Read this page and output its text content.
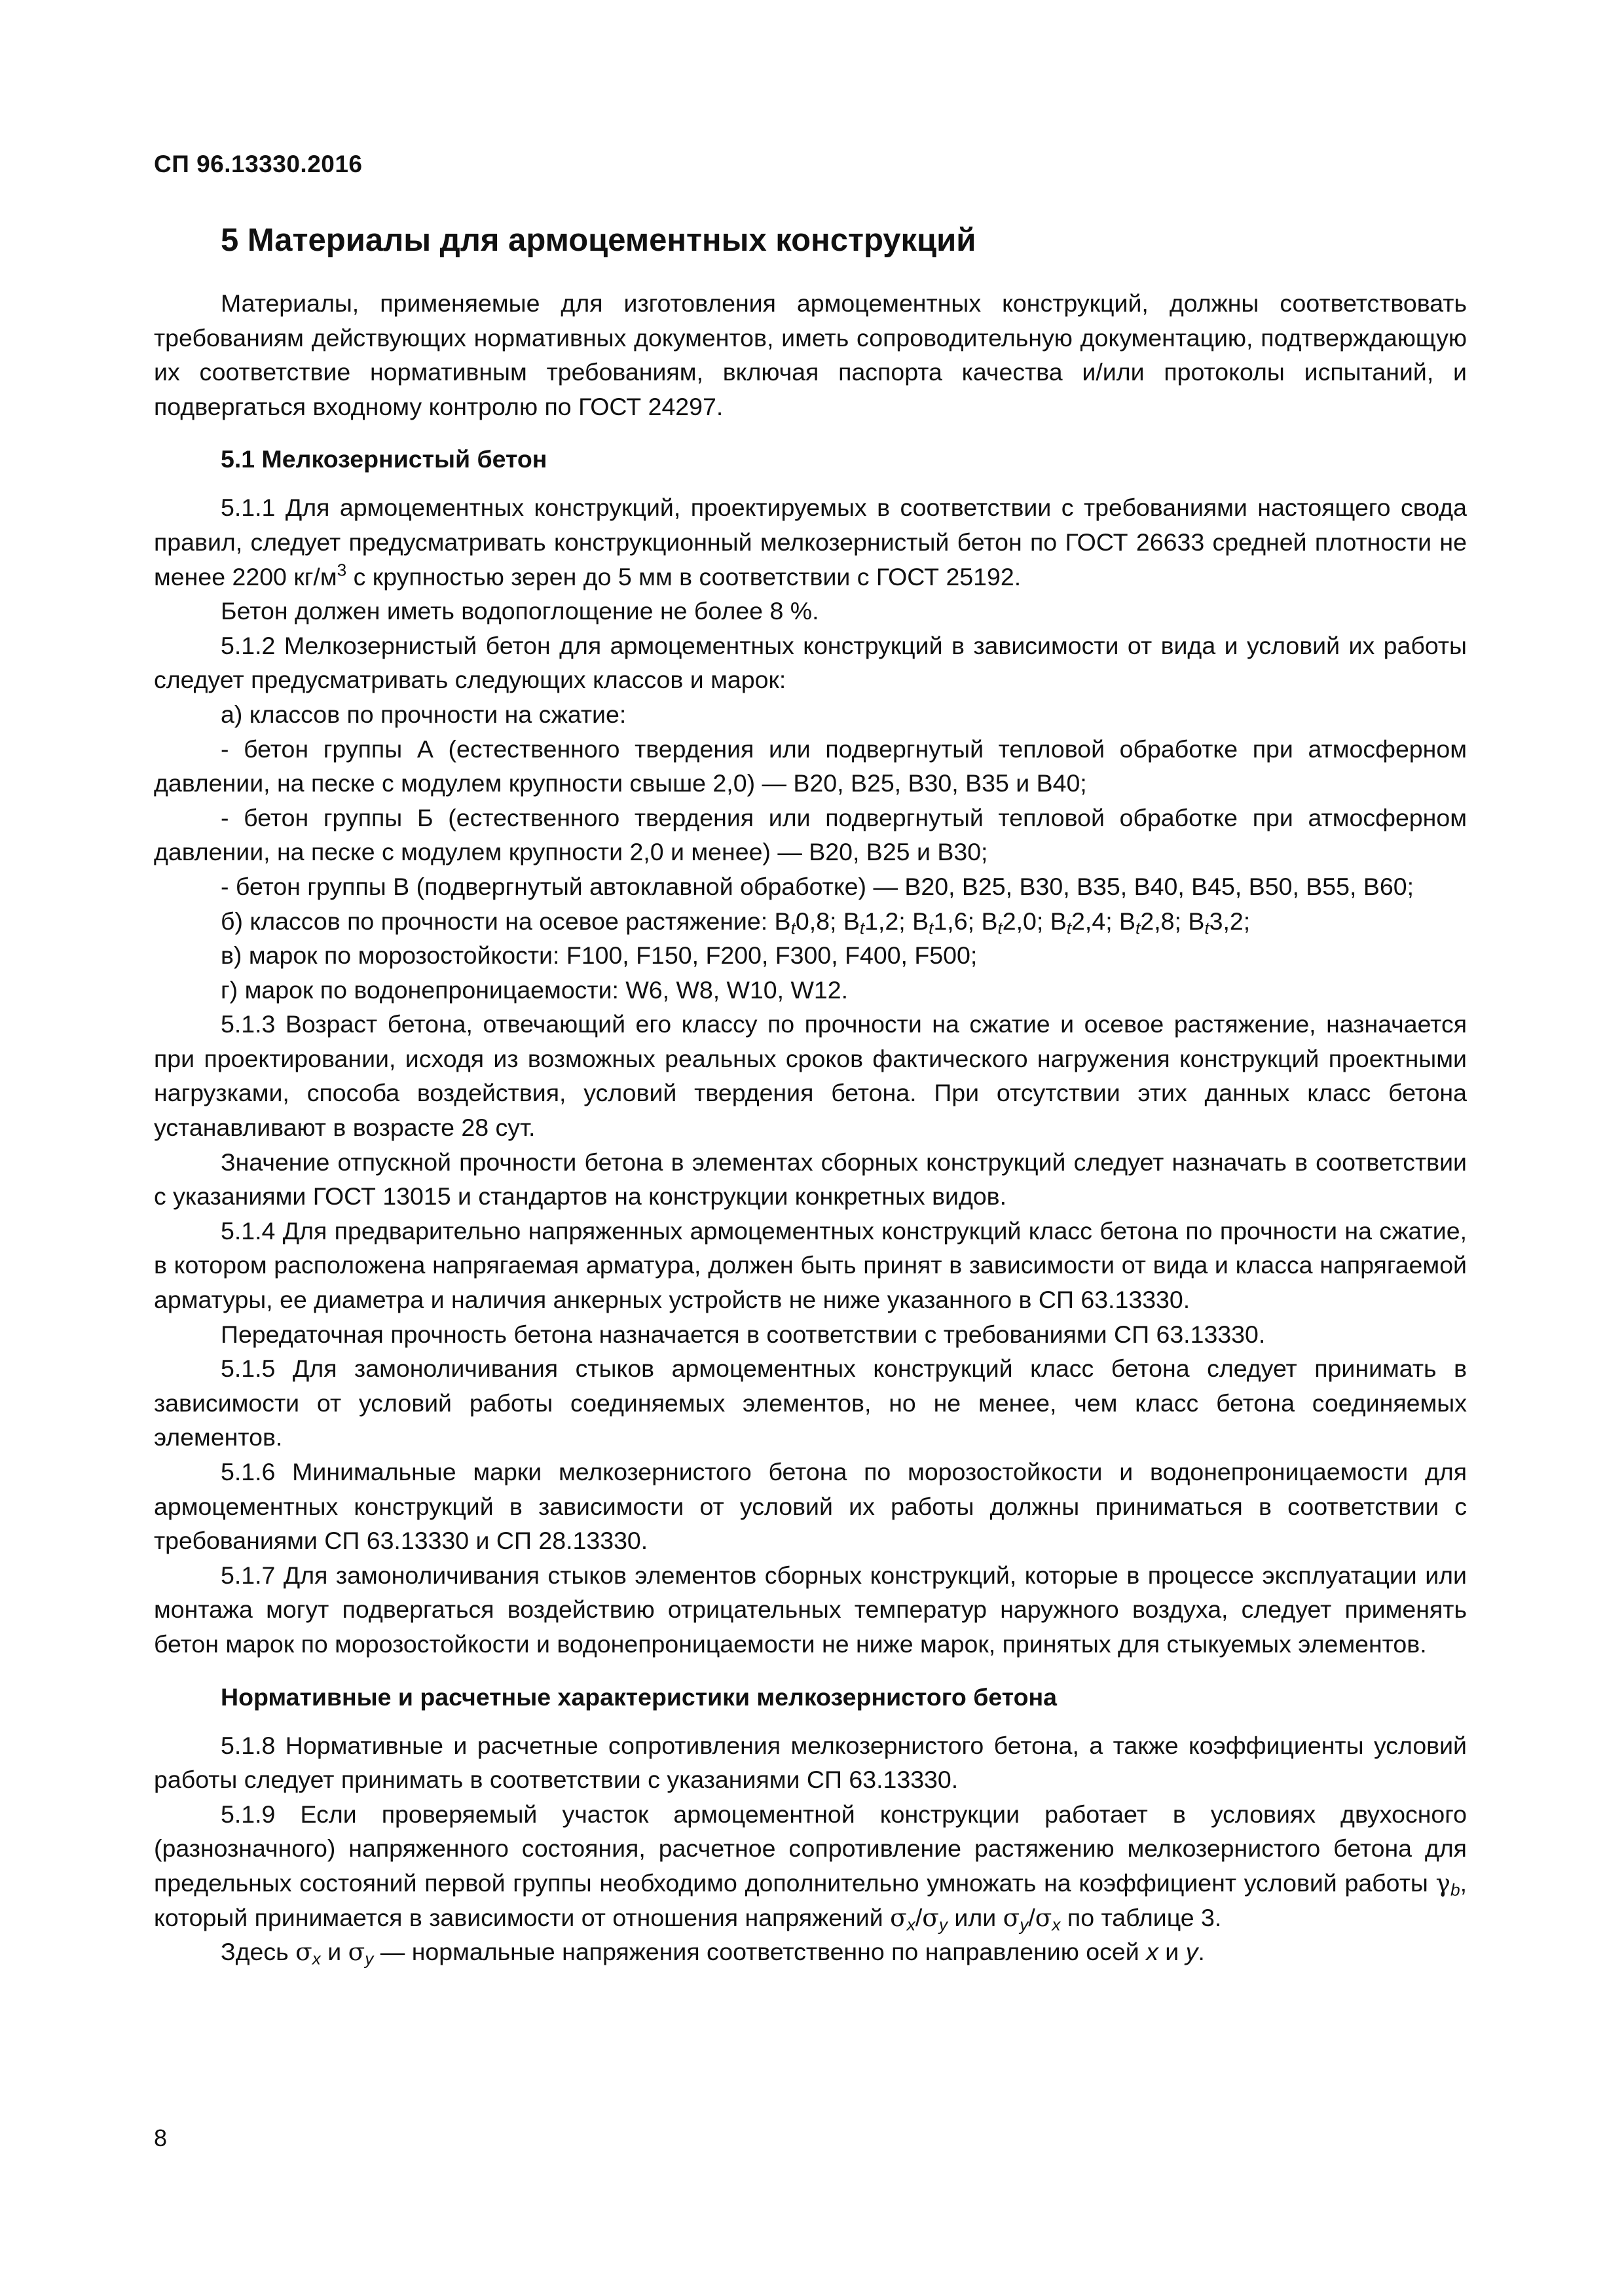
СП 96.13330.2016
5 Материалы для армоцементных конструкций

Материалы, применяемые для изготовления армоцементных конструкций, должны соответствовать требованиям действующих нормативных документов, иметь сопроводительную документацию, подтверждающую их соответствие нормативным требованиям, включая паспорта качества и/или протоколы испытаний, и подвергаться входному контролю по ГОСТ 24297.

5.1 Мелкозернистый бетон

5.1.1 Для армоцементных конструкций, проектируемых в соответствии с требованиями настоящего свода правил, следует предусматривать конструкционный мелкозернистый бетон по ГОСТ 26633 средней плотности не менее 2200 $кг/м^3$ с крупностью зерен до 5 мм в соответствии с ГОСТ 25192.

Бетон должен иметь водопоглощение не более 8 %.

5.1.2 Мелкозернистый бетон для армоцементных конструкций в зависимости от вида и условий их работы следует предусматривать следующих классов и марок:

а) классов по прочности на сжатие:

- бетон группы А (естественного твердения или подвергнутый тепловой обработке при атмосферном давлении, на песке с модулем крупности свыше 2,0) — В20, В25, В30, В35 и В40;

- бетон группы Б (естественного твердения или подвергнутый тепловой обработке при атмосферном давлении, на песке с модулем крупности 2,0 и менее) — В20, В25 и В30;

- бетон группы В (подвергнутый автоклавной обработке) — В20, В25, В30, В35, В40, В45, В50, В55, В60;

б) классов по прочности на осевое растяжение: $B_t0,8$; $B_t1,2$; $B_t1,6$; $B_t2,0$; $B_t2,4$; $B_t2,8$; $B_t3,2$;

в) марок по морозостойкости: F100, F150, F200, F300, F400, F500;

г) марок по водонепроницаемости: W6, W8, W10, W12.

5.1.3 Возраст бетона, отвечающий его классу по прочности на сжатие и осевое растяжение, назначается при проектировании, исходя из возможных реальных сроков фактического нагружения конструкций проектными нагрузками, способа воздействия, условий твердения бетона. При отсутствии этих данных класс бетона устанавливают в возрасте 28 сут.

Значение отпускной прочности бетона в элементах сборных конструкций следует назначать в соответствии с указаниями ГОСТ 13015 и стандартов на конструкции конкретных видов.

5.1.4 Для предварительно напряженных армоцементных конструкций класс бетона по прочности на сжатие, в котором расположена напрягаемая арматура, должен быть принят в зависимости от вида и класса напрягаемой арматуры, ее диаметра и наличия анкерных устройств не ниже указанного в СП 63.13330.

Передаточная прочность бетона назначается в соответствии с требованиями СП 63.13330.

5.1.5 Для замоноличивания стыков армоцементных конструкций класс бетона следует принимать в зависимости от условий работы соединяемых элементов, но не менее, чем класс бетона соединяемых элементов.

5.1.6 Минимальные марки мелкозернистого бетона по морозостойкости и водонепроницаемости для армоцементных конструкций в зависимости от условий их работы должны приниматься в соответствии с требованиями СП 63.13330 и СП 28.13330.

5.1.7 Для замоноличивания стыков элементов сборных конструкций, которые в процессе эксплуатации или монтажа могут подвергаться воздействию отрицательных температур наружного воздуха, следует применять бетон марок по морозостойкости и водонепроницаемости не ниже марок, принятых для стыкуемых элементов.

Нормативные и расчетные характеристики мелкозернистого бетона

5.1.8 Нормативные и расчетные сопротивления мелкозернистого бетона, а также коэффициенты условий работы следует принимать в соответствии с указаниями СП 63.13330.

5.1.9 Если проверяемый участок армоцементной конструкции работает в условиях двухосного (разнозначного) напряженного состояния, расчетное сопротивление растяжению мелкозернистого бетона для предельных состояний первой группы необходимо дополнительно умножать на коэффициент условий работы $\gamma_b$, который принимается в зависимости от отношения напряжений $\sigma_x/\sigma_y$ или $\sigma_y/\sigma_x$ по таблице 3.

Здесь $\sigma_x$ и $\sigma_y$ — нормальные напряжения соответственно по направлению осей x и y.

8
